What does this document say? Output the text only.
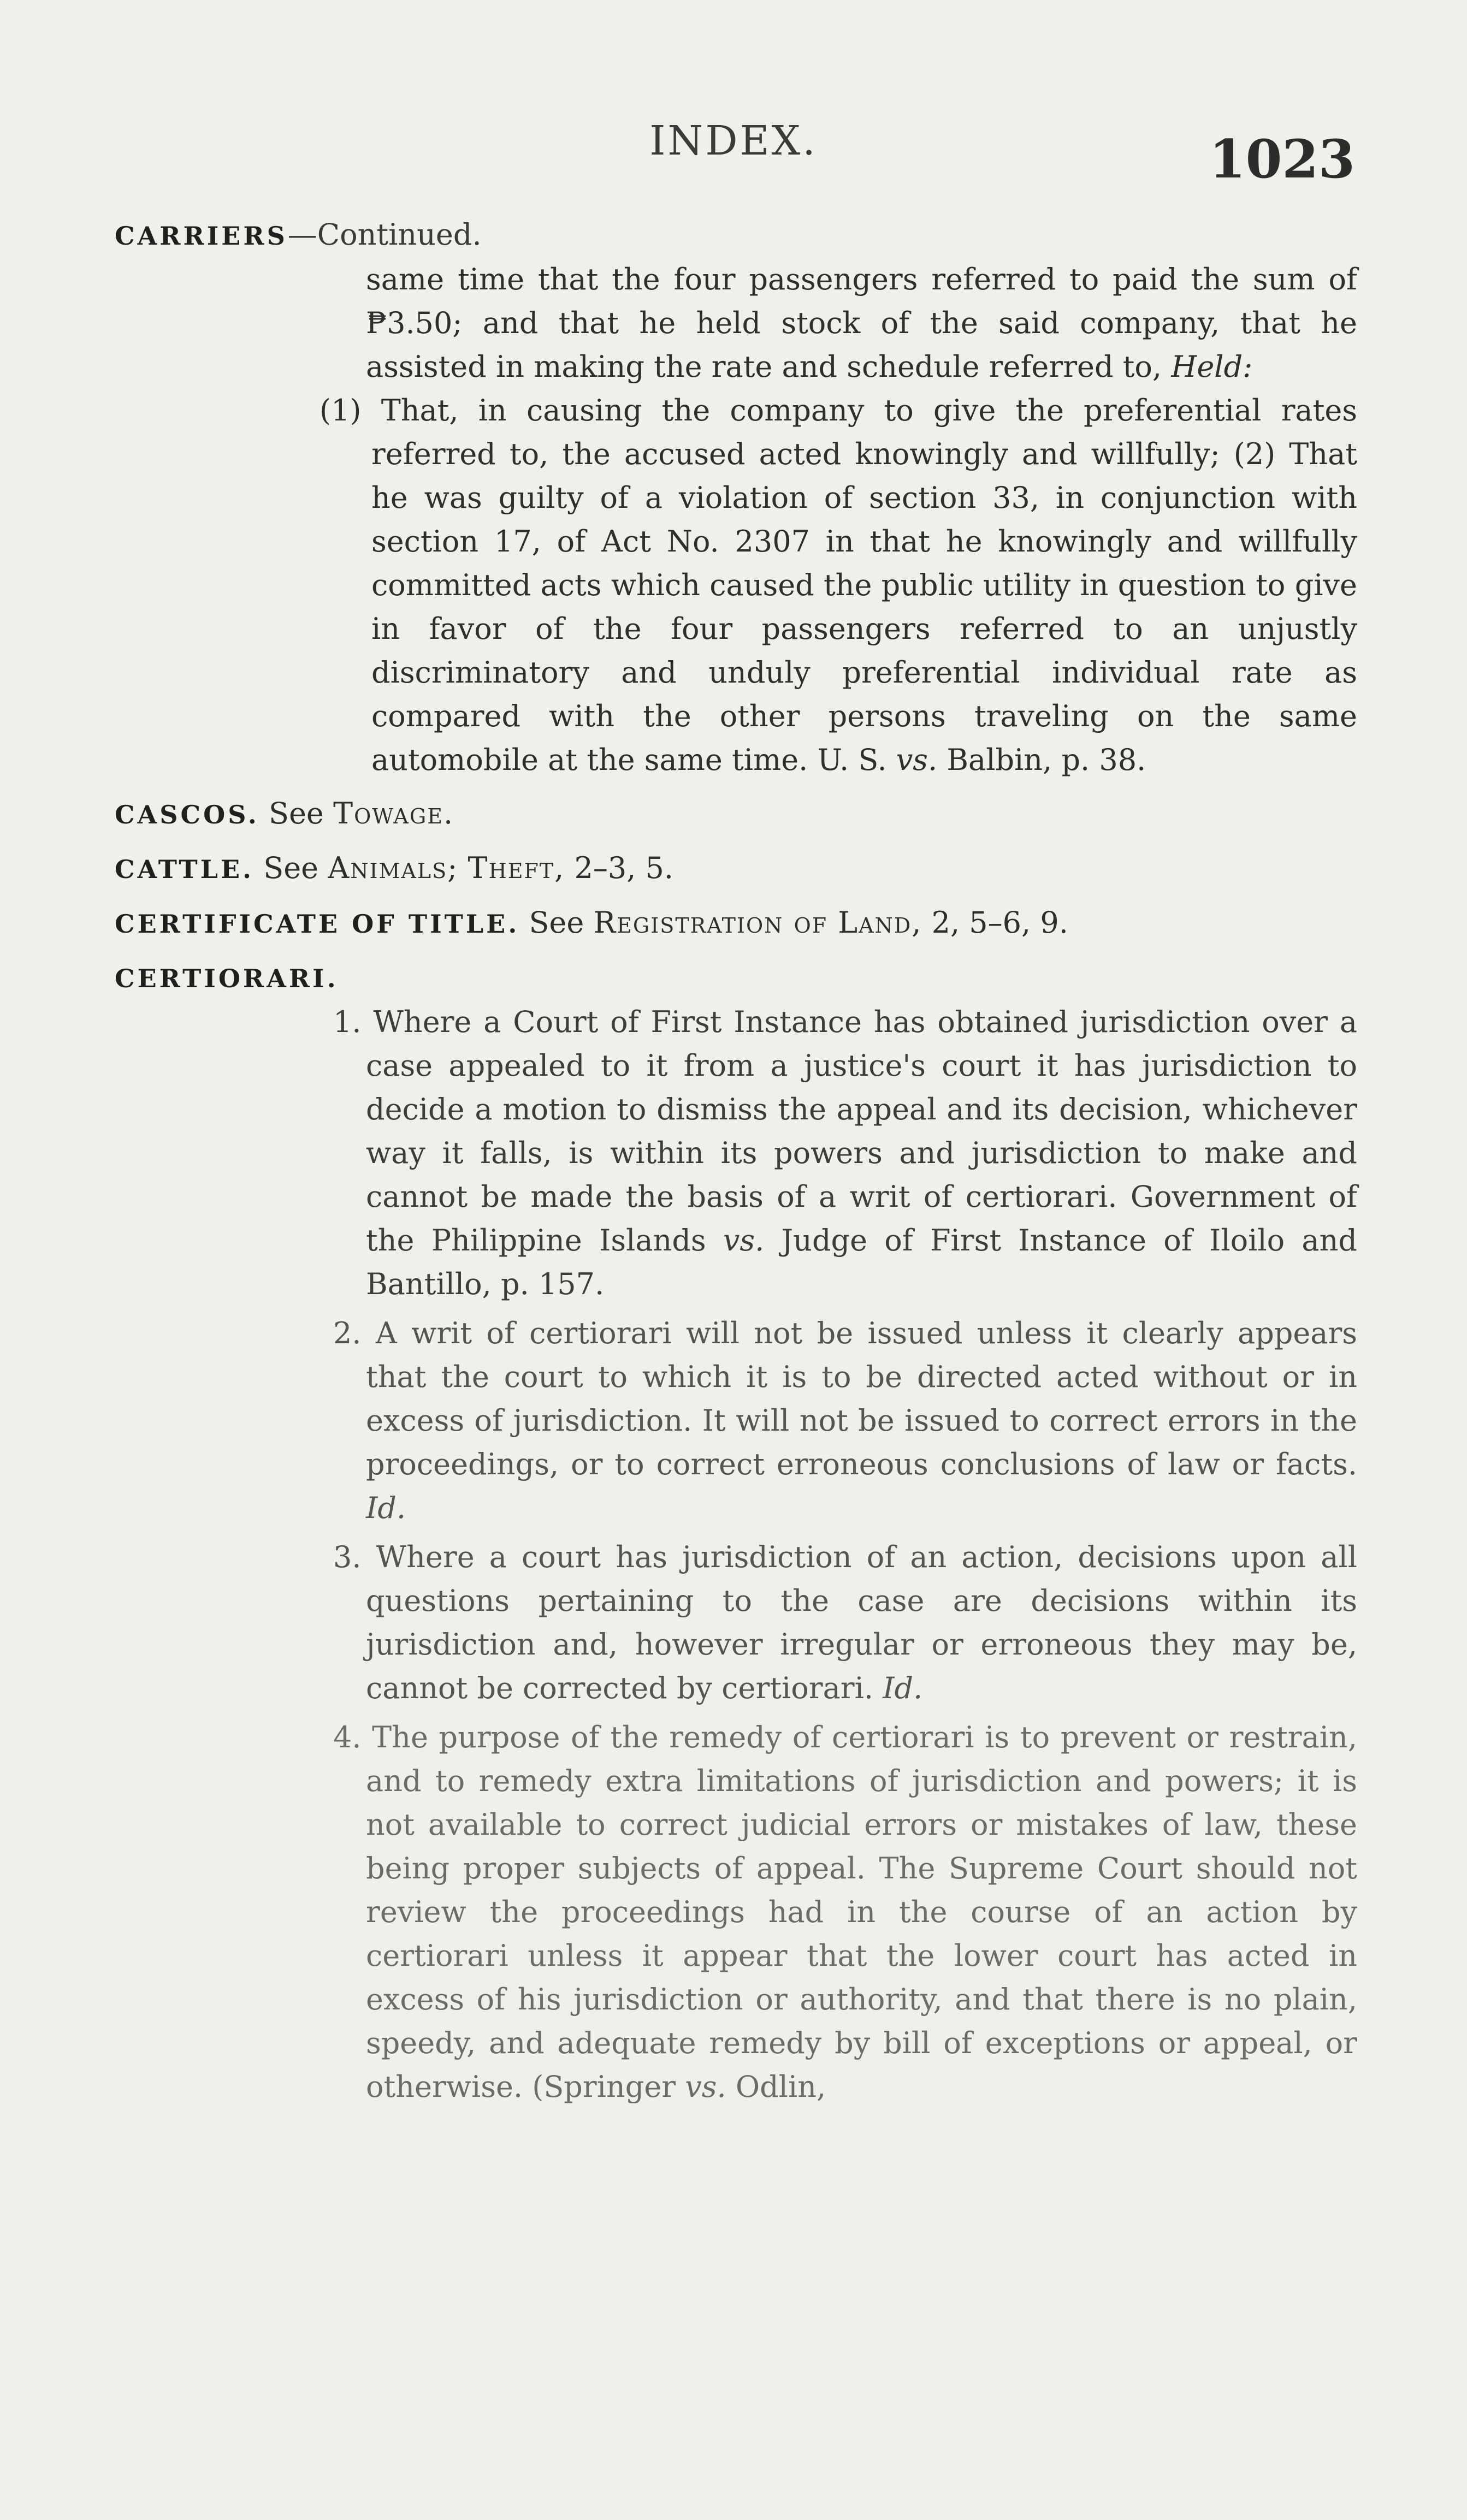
INDEX.	1023
CARRIERS—Continued.
same time that the four passengers referred to paid the sum of ₱3.50; and that he held stock of the said company, that he assisted in making the rate and schedule referred to, Held:
(1) That, in causing the company to give the preferential rates referred to, the accused acted knowingly and willfully; (2) That he was guilty of a violation of section 33, in conjunction with section 17, of Act No. 2307 in that he knowingly and willfully committed acts which caused the public utility in question to give in favor of the four passengers referred to an unjustly discriminatory and unduly preferential individual rate as compared with the other persons traveling on the same automobile at the same time. U. S. vs. Balbin, p. 38.
CASCOS. See Towage.
CATTLE. See Animals; Theft, 2–3, 5.
CERTIFICATE OF TITLE. See Registration of Land, 2, 5–6, 9.
CERTIORARI.
1. Where a Court of First Instance has obtained jurisdiction over a case appealed to it from a justice's court it has jurisdiction to decide a motion to dismiss the appeal and its decision, whichever way it falls, is within its powers and jurisdiction to make and cannot be made the basis of a writ of certiorari. Government of the Philippine Islands vs. Judge of First Instance of Iloilo and Bantillo, p. 157.
2. A writ of certiorari will not be issued unless it clearly appears that the court to which it is to be directed acted without or in excess of jurisdiction. It will not be issued to correct errors in the proceedings, or to correct erroneous conclusions of law or facts. Id.
3. Where a court has jurisdiction of an action, decisions upon all questions pertaining to the case are decisions within its jurisdiction and, however irregular or erroneous they may be, cannot be corrected by certiorari. Id.
4. The purpose of the remedy of certiorari is to prevent or restrain, and to remedy extra limitations of jurisdiction and powers; it is not available to correct judicial errors or mistakes of law, these being proper subjects of appeal. The Supreme Court should not review the proceedings had in the course of an action by certiorari unless it appear that the lower court has acted in excess of his jurisdiction or authority, and that there is no plain, speedy, and adequate remedy by bill of exceptions or appeal, or otherwise. (Springer vs. Odlin,
